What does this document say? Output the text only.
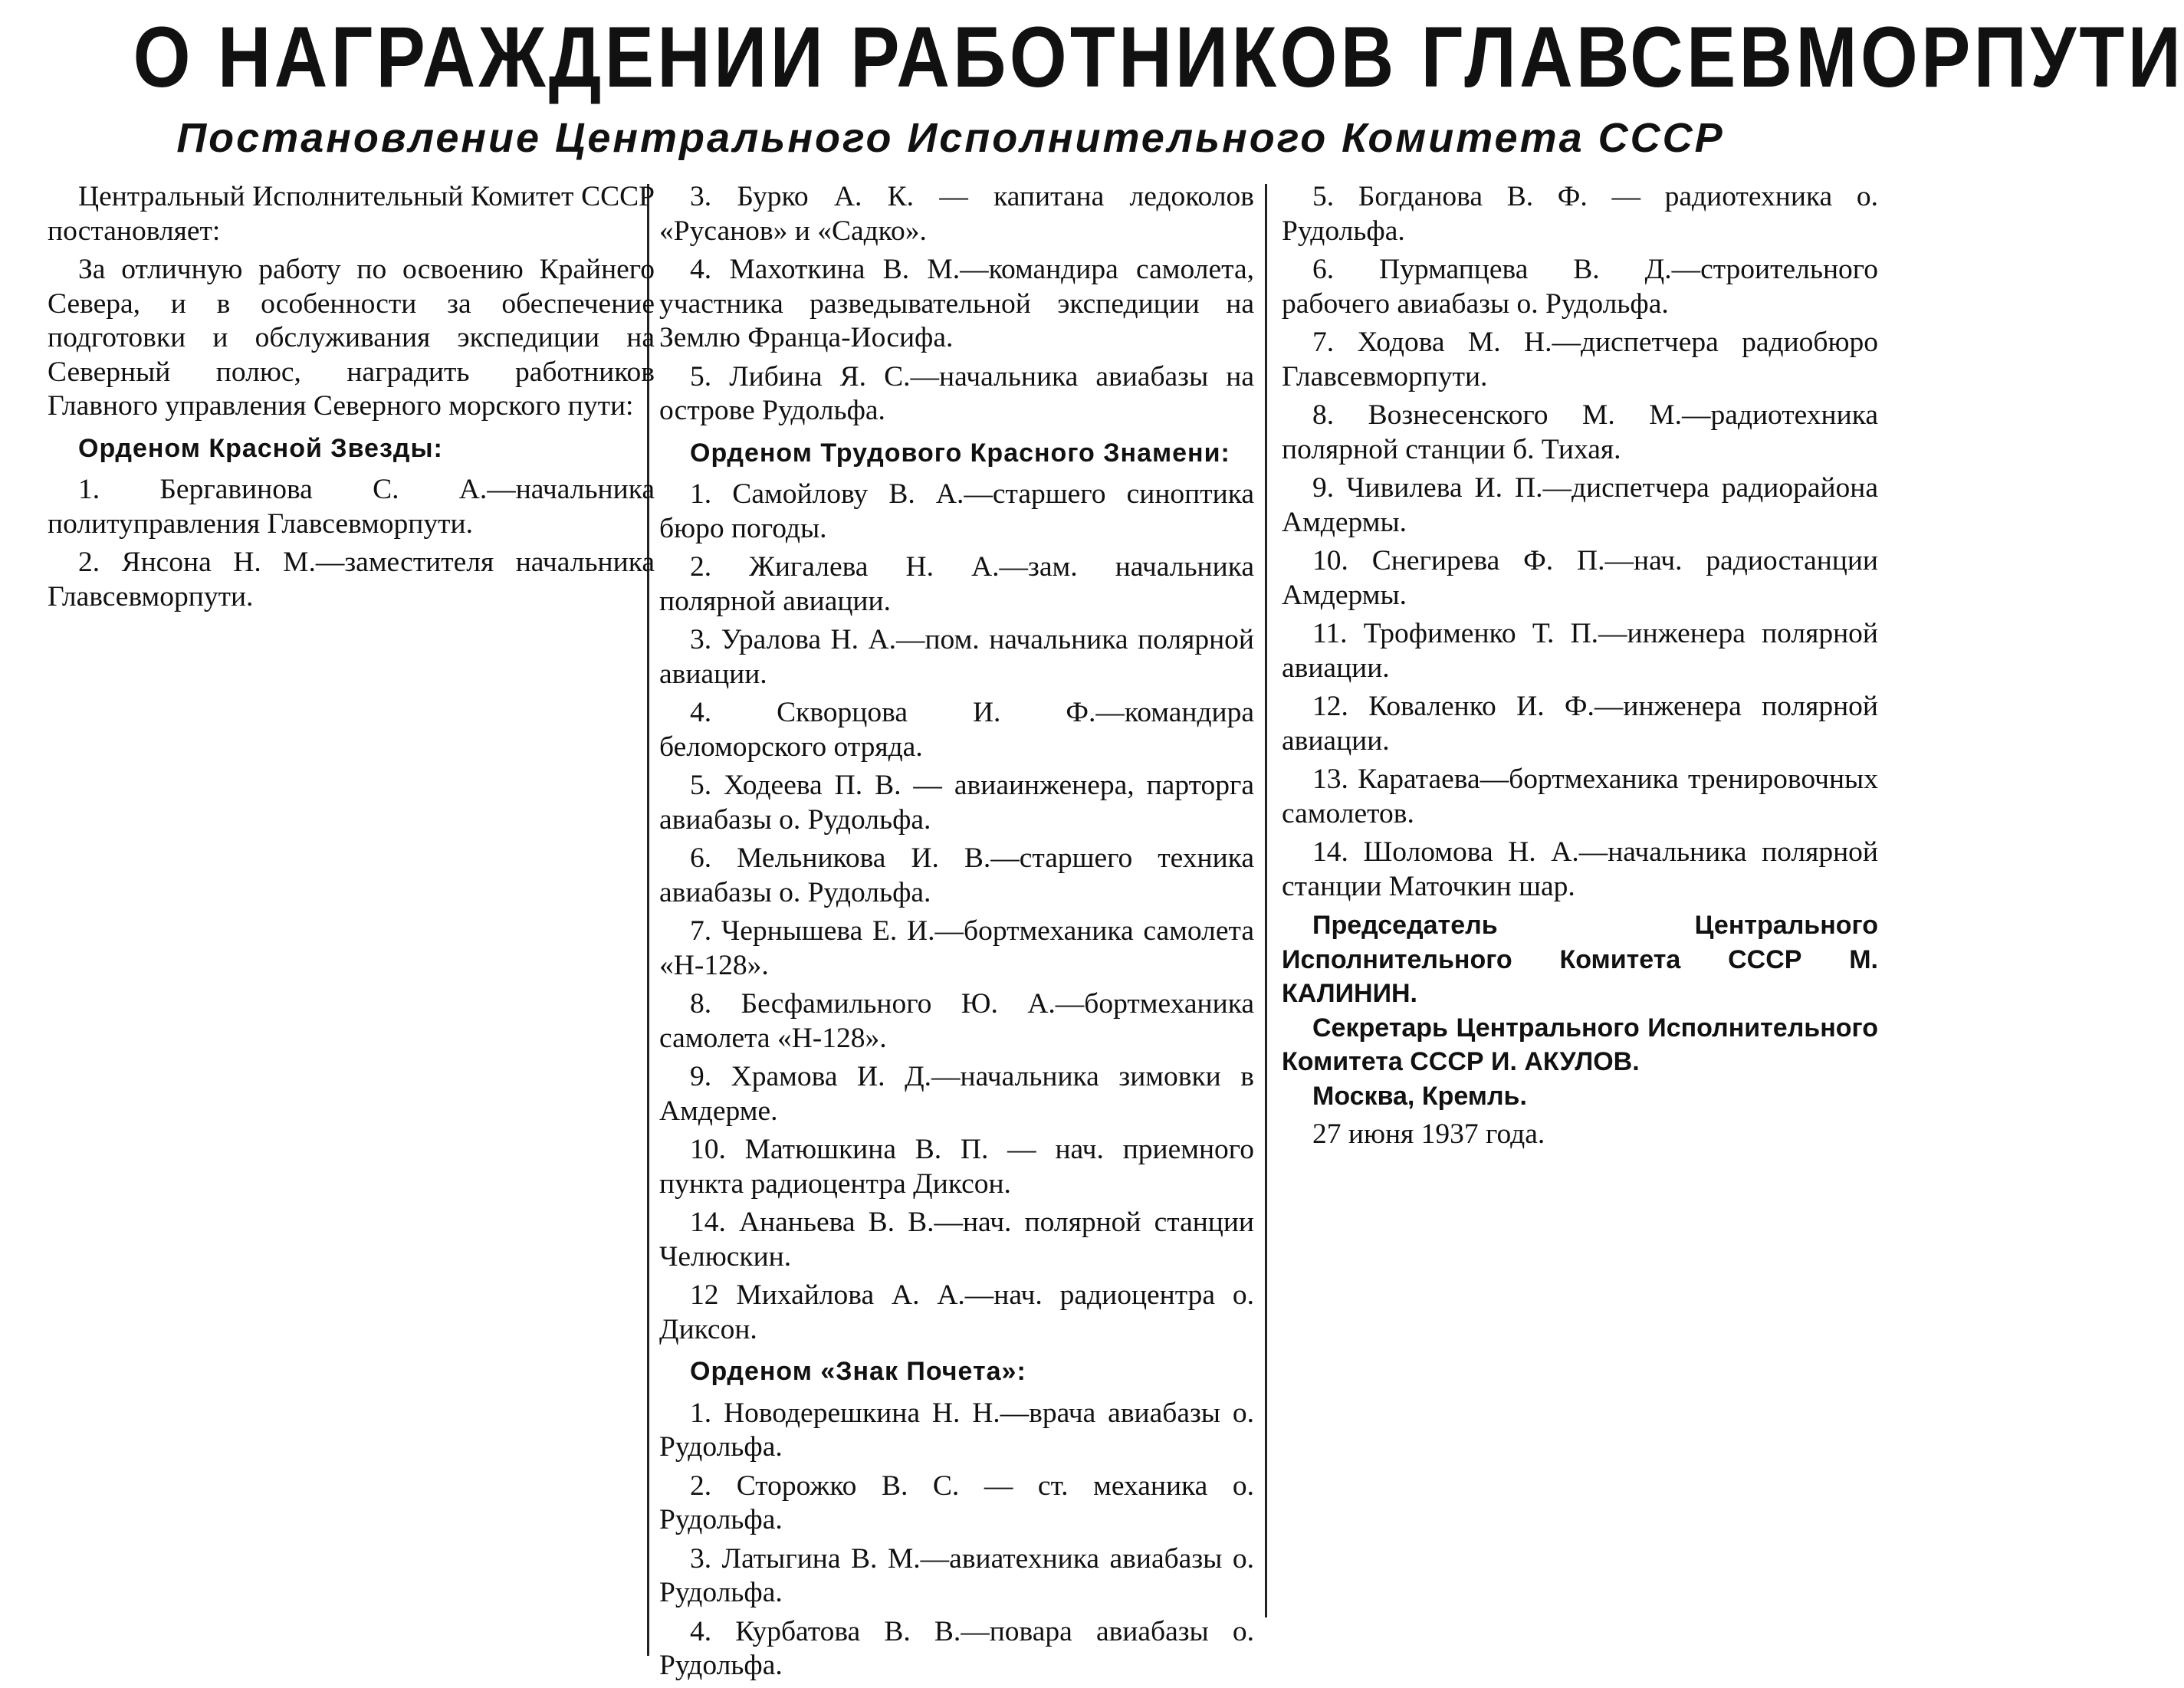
О НАГРАЖДЕНИИ РАБОТНИКОВ ГЛАВСЕВМОРПУТИ
Постановление Центрального Исполнительного Комитета СССР

Центральный Исполнительный Комитет СССР постановляет:

За отличную работу по освоению Крайнего Севера, и в особенности за обеспечение подготовки и обслуживания экспедиции на Северный полюс, наградить работников Главного управления Северного морского пути:

Орденом Красной Звезды:

1. Бергавинова С. А.—начальника политуправления Главсевморпути.

2. Янсона Н. М.—заместителя начальника Главсевморпути.

3. Бурко А. К. — капитана ледоколов «Русанов» и «Садко».

4. Махоткина В. М.—командира самолета, участника разведывательной экспедиции на Землю Франца-Иосифа.

5. Либина Я. С.—начальника авиабазы на острове Рудольфа.

Орденом Трудового Красного Знамени:

1. Самойлову В. А.—старшего синоптика бюро погоды.

2. Жигалева Н. А.—зам. начальника полярной авиации.

3. Уралова Н. А.—пом. начальника полярной авиации.

4. Скворцова И. Ф.—командира беломорского отряда.

5. Ходеева П. В. — авиаинженера, парторга авиабазы о. Рудольфа.

6. Мельникова И. В.—старшего техника авиабазы о. Рудольфа.

7. Чернышева Е. И.—бортмеханика самолета «Н-128».

8. Бесфамильного Ю. А.—бортмеханика самолета «Н-128».

9. Храмова И. Д.—начальника зимовки в Амдерме.

10. Матюшкина В. П. — нач. приемного пункта радиоцентра Диксон.

14. Ананьева В. В.—нач. полярной станции Челюскин.

12 Михайлова А. А.—нач. радиоцентра о. Диксон.

Орденом «Знак Почета»:

1. Новодерешкина Н. Н.—врача авиабазы о. Рудольфа.

2. Сторожко В. С. — ст. механика о. Рудольфа.

3. Латыгина В. М.—авиатехника авиабазы о. Рудольфа.

4. Курбатова В. В.—повара авиабазы о. Рудольфа.

5. Богданова В. Ф. — радиотехника о. Рудольфа.

6. Пурмапцева В. Д.—строительного рабочего авиабазы о. Рудольфа.

7. Ходова М. Н.—диспетчера радиобюро Главсевморпути.

8. Вознесенского М. М.—радиотехника полярной станции б. Тихая.

9. Чивилева И. П.—диспетчера радиорайона Амдермы.

10. Снегирева Ф. П.—нач. радиостанции Амдермы.

11. Трофименко Т. П.—инженера полярной авиации.

12. Коваленко И. Ф.—инженера полярной авиации.

13. Каратаева—бортмеханика тренировочных самолетов.

14. Шоломова Н. А.—начальника полярной станции Маточкин шар.

Председатель Центрального Исполнительного Комитета СССР М. КАЛИНИН.

Секретарь Центрального Исполнительного Комитета СССР И. АКУЛОВ.

Москва, Кремль.

27 июня 1937 года.
